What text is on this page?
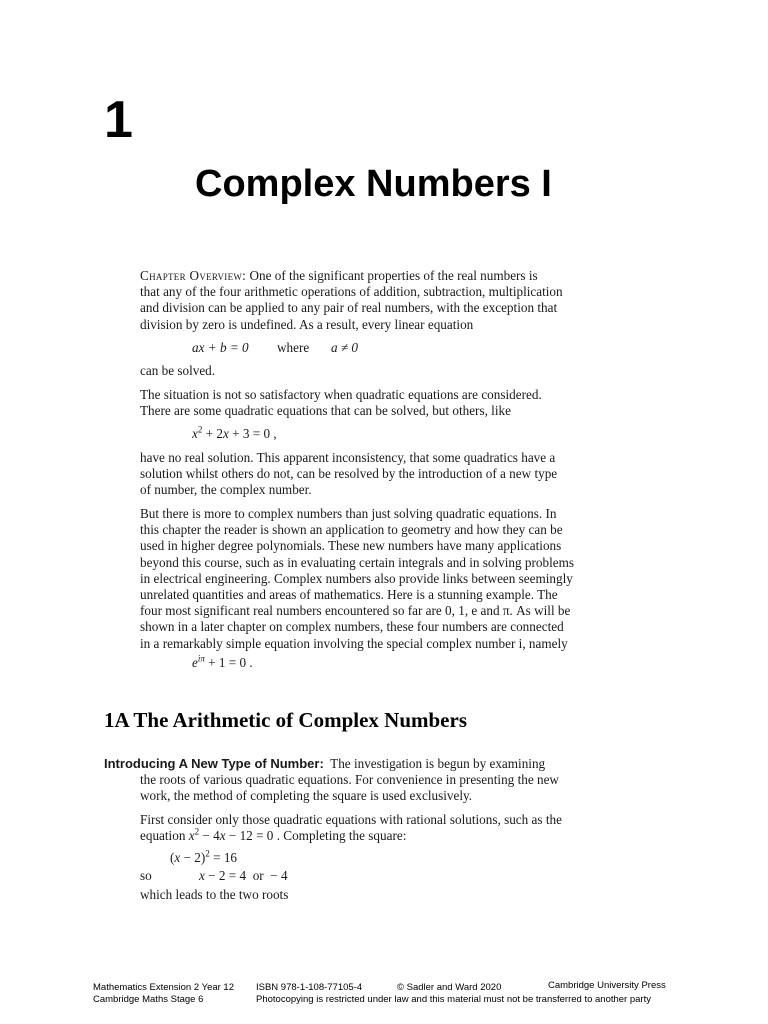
1
Complex Numbers I

Chapter Overview: One of the significant properties of the real numbers is

that any of the four arithmetic operations of addition, subtraction, multiplication

and division can be applied to any pair of real numbers, with the exception that

division by zero is undefined. As a result, every linear equation

ax + b = 0 where a ≠ 0
can be solved.

The situation is not so satisfactory when quadratic equations are considered.

There are some quadratic equations that can be solved, but others, like

$x^2 + 2x + 3 = 0$ ,

have no real solution. This apparent inconsistency, that some quadratics have a

solution whilst others do not, can be resolved by the introduction of a new type

of number, the complex number.

But there is more to complex numbers than just solving quadratic equations. In

this chapter the reader is shown an application to geometry and how they can be

used in higher degree polynomials. These new numbers have many applications

beyond this course, such as in evaluating certain integrals and in solving problems

in electrical engineering. Complex numbers also provide links between seemingly

unrelated quantities and areas of mathematics. Here is a stunning example. The

four most significant real numbers encountered so far are 0, 1, e and π. As will be

shown in a later chapter on complex numbers, these four numbers are connected

in a remarkably simple equation involving the special complex number i, namely

$e^{i\pi} + 1 = 0$ .
1A The Arithmetic of Complex Numbers
Introducing A New Type of Number: The investigation is begun by examining

the roots of various quadratic equations. For convenience in presenting the new

work, the method of completing the square is used exclusively.

First consider only those quadratic equations with rational solutions, such as the

equation $x^2 - 4x - 12 = 0$ . Completing the square:

$(x - 2)^2 = 16$
so	x − 2 = 4  or  − 4
which leads to the two roots
Mathematics Extension 2 Year 12 ISBN 978-1-108-77105-4	© Sadler and Ward 2020	Cambridge University Press
Cambridge Maths Stage 6	Photocopying is restricted under law and this material must not be transferred to another party
